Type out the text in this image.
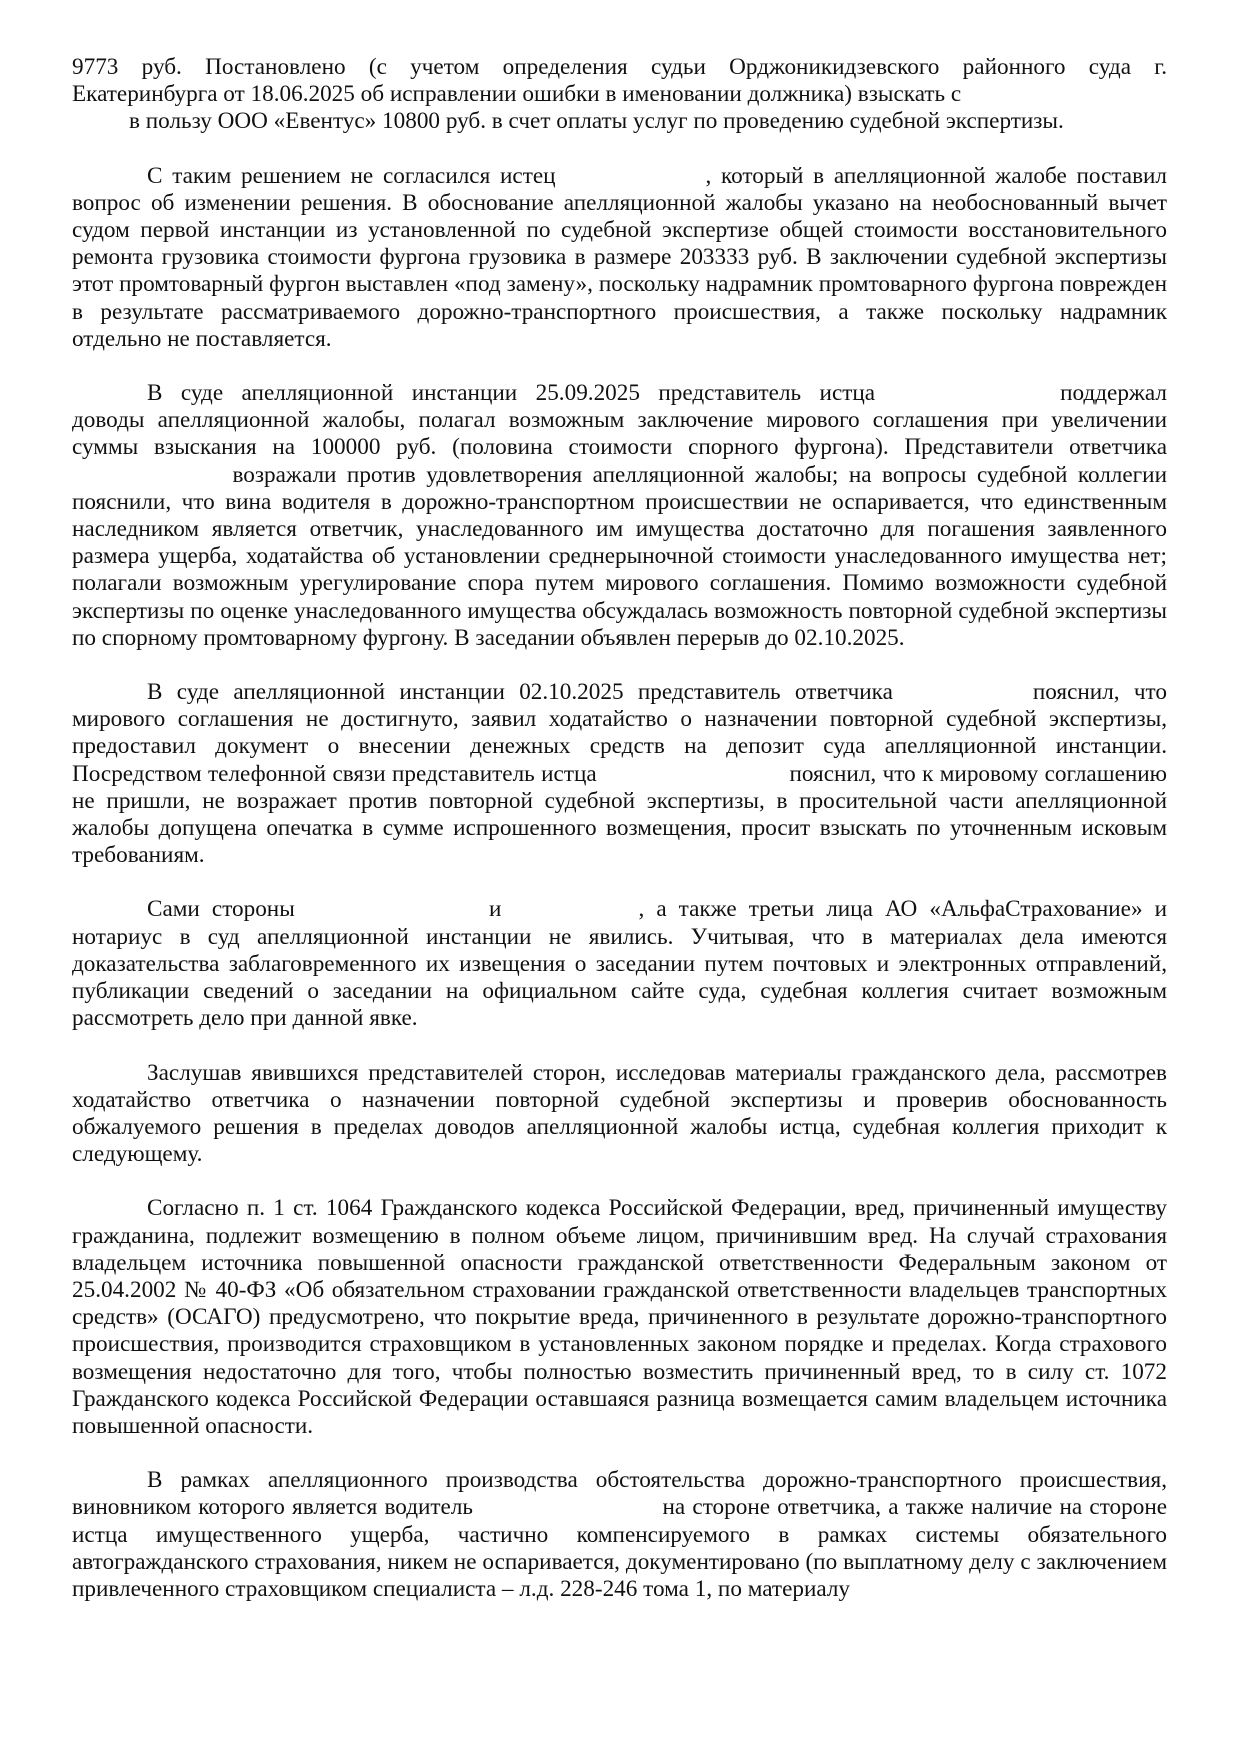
9773 руб. Постановлено (с учетом определения судьи Орджоникидзевского районного суда г.
Екатеринбурга от 18.06.2025 об исправлении ошибки в именовании должника) взыскать с
в пользу ООО «Евентус» 10800 руб. в счет оплаты услуг по проведению судебной экспертизы.

С таким решением не согласился истец	, который в апелляционной жалобе поставил вопрос об изменении решения. В обоснование апелляционной жалобы указано на необоснованный вычет судом первой инстанции из установленной по судебной экспертизе общей стоимости восстановительного ремонта грузовика стоимости фургона грузовика в размере 203333 руб. В заключении судебной экспертизы этот промтоварный фургон выставлен «под замену», поскольку надрамник промтоварного фургона поврежден в результате рассматриваемого дорожно-транспортного происшествия, а также поскольку надрамник отдельно не поставляется.

В суде апелляционной инстанции 25.09.2025 представитель истца	поддержал доводы апелляционной жалобы, полагал возможным заключение мирового соглашения при увеличении суммы взыскания на 100000 руб. (половина стоимости спорного фургона). Представители ответчика  возражали против удовлетворения апелляционной жалобы; на вопросы судебной коллегии пояснили, что вина водителя в дорожно-транспортном происшествии не оспаривается, что единственным наследником является ответчик, унаследованного им имущества достаточно для погашения заявленного размера ущерба, ходатайства об установлении среднерыночной стоимости унаследованного имущества нет; полагали возможным урегулирование спора путем мирового соглашения. Помимо возможности судебной экспертизы по оценке унаследованного имущества обсуждалась возможность повторной судебной экспертизы по спорному промтоварному фургону. В заседании объявлен перерыв до 02.10.2025.

В суде апелляционной инстанции 02.10.2025 представитель ответчика	пояснил, что мирового соглашения не достигнуто, заявил ходатайство о назначении повторной судебной экспертизы, предоставил документ о внесении денежных средств на депозит суда апелляционной инстанции. Посредством телефонной связи представитель истца	пояснил, что к мировому соглашению не пришли, не возражает против повторной судебной экспертизы, в просительной части апелляционной жалобы допущена опечатка в сумме испрошенного возмещения, просит взыскать по уточненным исковым требованиям.

Сами стороны	и	, а также третьи лица АО «АльфаСтрахование» и нотариус в суд апелляционной инстанции не явились. Учитывая, что в материалах дела имеются доказательства заблаговременного их извещения о заседании путем почтовых и электронных отправлений, публикации сведений о заседании на официальном сайте суда, судебная коллегия считает возможным рассмотреть дело при данной явке.

Заслушав явившихся представителей сторон, исследовав материалы гражданского дела, рассмотрев ходатайство ответчика о назначении повторной судебной экспертизы и проверив обоснованность обжалуемого решения в пределах доводов апелляционной жалобы истца, судебная коллегия приходит к следующему.

Согласно п. 1 ст. 1064 Гражданского кодекса Российской Федерации, вред, причиненный имуществу гражданина, подлежит возмещению в полном объеме лицом, причинившим вред. На случай страхования владельцем источника повышенной опасности гражданской ответственности Федеральным законом от 25.04.2002 № 40-ФЗ «Об обязательном страховании гражданской ответственности владельцев транспортных средств» (ОСАГО) предусмотрено, что покрытие вреда, причиненного в результате дорожно-транспортного происшествия, производится страховщиком в установленных законом порядке и пределах. Когда страхового возмещения недостаточно для того, чтобы полностью возместить причиненный вред, то в силу ст. 1072 Гражданского кодекса Российской Федерации оставшаяся разница возмещается самим владельцем источника повышенной опасности.

В рамках апелляционного производства обстоятельства дорожно-транспортного происшествия, виновником которого является водитель	на стороне ответчика, а также наличие на стороне истца имущественного ущерба, частично компенсируемого в рамках системы обязательного автогражданского страхования, никем не оспаривается, документировано (по выплатному делу с заключением привлеченного страховщиком специалиста – л.д. 228-246 тома 1, по материалу
